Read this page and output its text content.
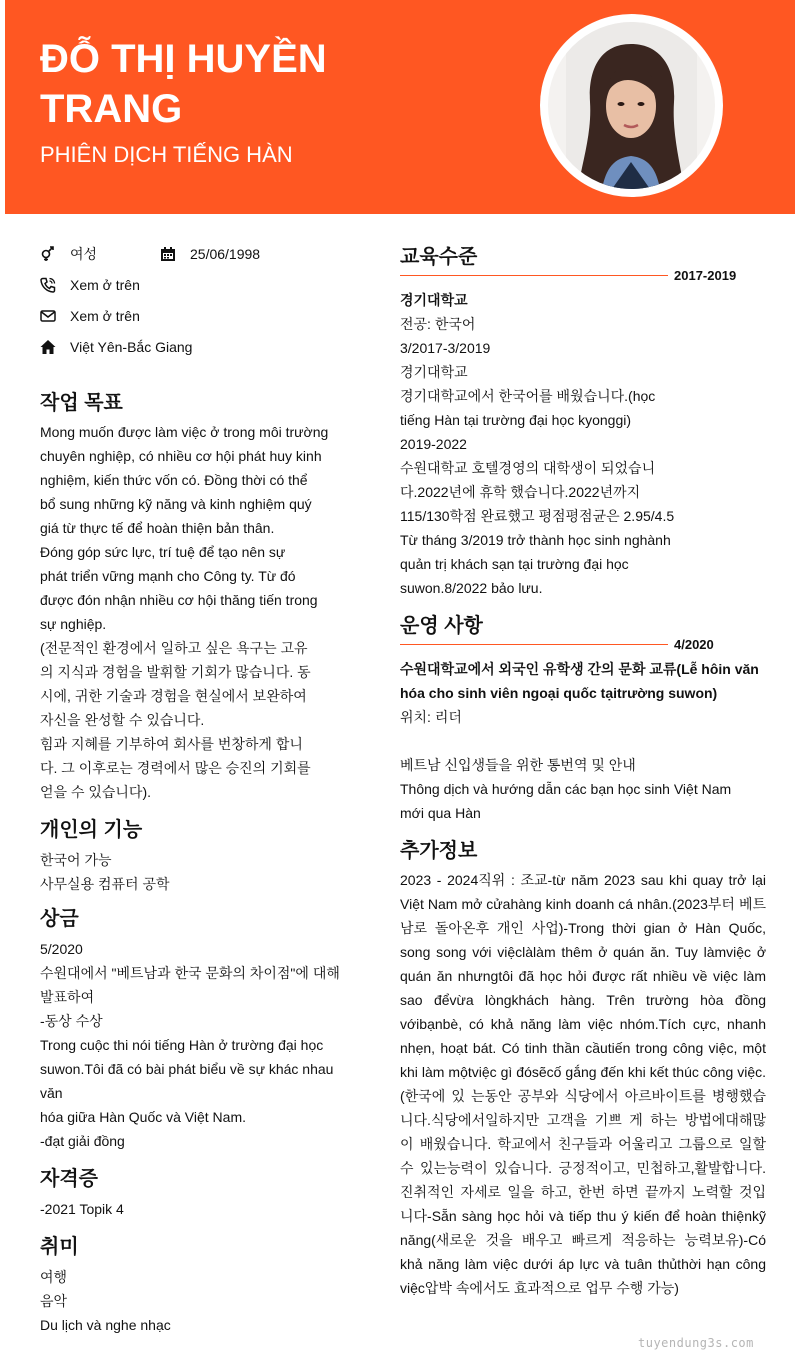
ĐỖ THỊ HUYỀN
TRANG
PHIÊN DỊCH TIẾNG HÀN
여성	25/06/1998
Xem ở trên
Xem ở trên
Việt Yên-Bắc Giang
작업 목표
Mong muốn được làm việc ở trong môi trường
chuyên nghiệp, có nhiều cơ hội phát huy kinh
nghiệm, kiến thức vốn có. Đồng thời có thể
bổ sung những kỹ năng và kinh nghiệm quý
giá từ thực tế để hoàn thiện bản thân.
Đóng góp sức lực, trí tuệ để tạo nên sự
phát triển vững mạnh cho Công ty. Từ đó
được đón nhận nhiều cơ hội thăng tiến trong
sự nghiệp.
(전문적인 환경에서 일하고 싶은 욕구는 고유
의 지식과 경험을 발휘할 기회가 많습니다. 동
시에, 귀한 기술과 경험을 현실에서 보완하여
자신을 완성할 수 있습니다.
힘과 지혜를 기부하여 회사를 번창하게 합니
다. 그 이후로는 경력에서 많은 승진의 기회를
얻을 수 있습니다).
개인의 기능
한국어 가능
사무실용 컴퓨터 공학
상금
5/2020
수원대에서 "베트남과 한국 문화의 차이점"에 대해
발표하여
-동상 수상
Trong cuộc thi nói tiếng Hàn ở trường đại học
suwon.Tôi đã có bài phát biểu về sự khác nhau
văn
hóa giữa Hàn Quốc và Việt Nam.
-đạt giải đồng
자격증
-2021 Topik 4
취미
여행
음악
Du lịch và nghe nhạc
교육수준
2017-2019
경기대학교
전공: 한국어
3/2017-3/2019
경기대학교
경기대학교에서 한국어를 배웠습니다.(học
tiếng Hàn tại trường đại học kyonggi)
2019-2022
수원대학교 호텔경영의 대학생이 되었습니
다.2022년에 휴학 했습니다.2022년까지
115/130학점 완료했고 평점평점균은 2.95/4.5
Từ tháng 3/2019 trở thành học sinh nghành
quản trị khách sạn tại trường đại học
suwon.8/2022 bảo lưu.
운영 사항
4/2020
수원대학교에서 외국인 유학생 간의 문화 교류(Lễ hôin văn
hóa cho sinh viên ngoại quốc tạitrường suwon)
위치: 리더
베트남 신입생들을 위한 통번역 및 안내
Thông dịch và hướng dẫn các bạn học sinh Việt Nam
mới qua Hàn
추가정보
2023 - 2024직위 : 조교-từ năm 2023 sau khi quay trở lại
Việt Nam mở cửahàng kinh doanh cá nhân.(2023부터 베트
남로 돌아온후 개인 사업)-Trong thời gian ở Hàn Quốc,
song song với việclàlàm thêm ở quán ăn. Tuy làmviệc ở
quán ăn nhưngtôi đã học hỏi được rất nhiều về việc làm
sao đểvừa lòngkhách hàng. Trên trường hòa đồng
vớibạnbè, có khả năng làm việc nhóm.Tích cực, nhanh
nhẹn, hoạt bát. Có tinh thần cầutiến trong công việc, một
khi làm mộtviệc gì đósẽcố gắng đến khi kết thúc công việc.
(한국에 있 는동안 공부와 식당에서 아르바이트를 병행했습
니다.식당에서일하지만 고객을 기쁘 게 하는 방법에대해많
이 배웠습니다. 학교에서 친구들과 어울리고 그룹으로 일할
수 있는능력이 있습니다. 긍정적이고, 민첩하고,활발합니다.
진취적인 자세로 일을 하고, 한번 하면 끝까지 노력할 것입
니다-Sẵn sàng học hỏi và tiếp thu ý kiến để hoàn thiệnkỹ
năng(새로운 것을 배우고 빠르게 적응하는 능력보유)-Có
khả năng làm việc dưới áp lực và tuân thủthời hạn công
việc압박 속에서도 효과적으로 업무 수행 가능)
tuyendung3s.com
